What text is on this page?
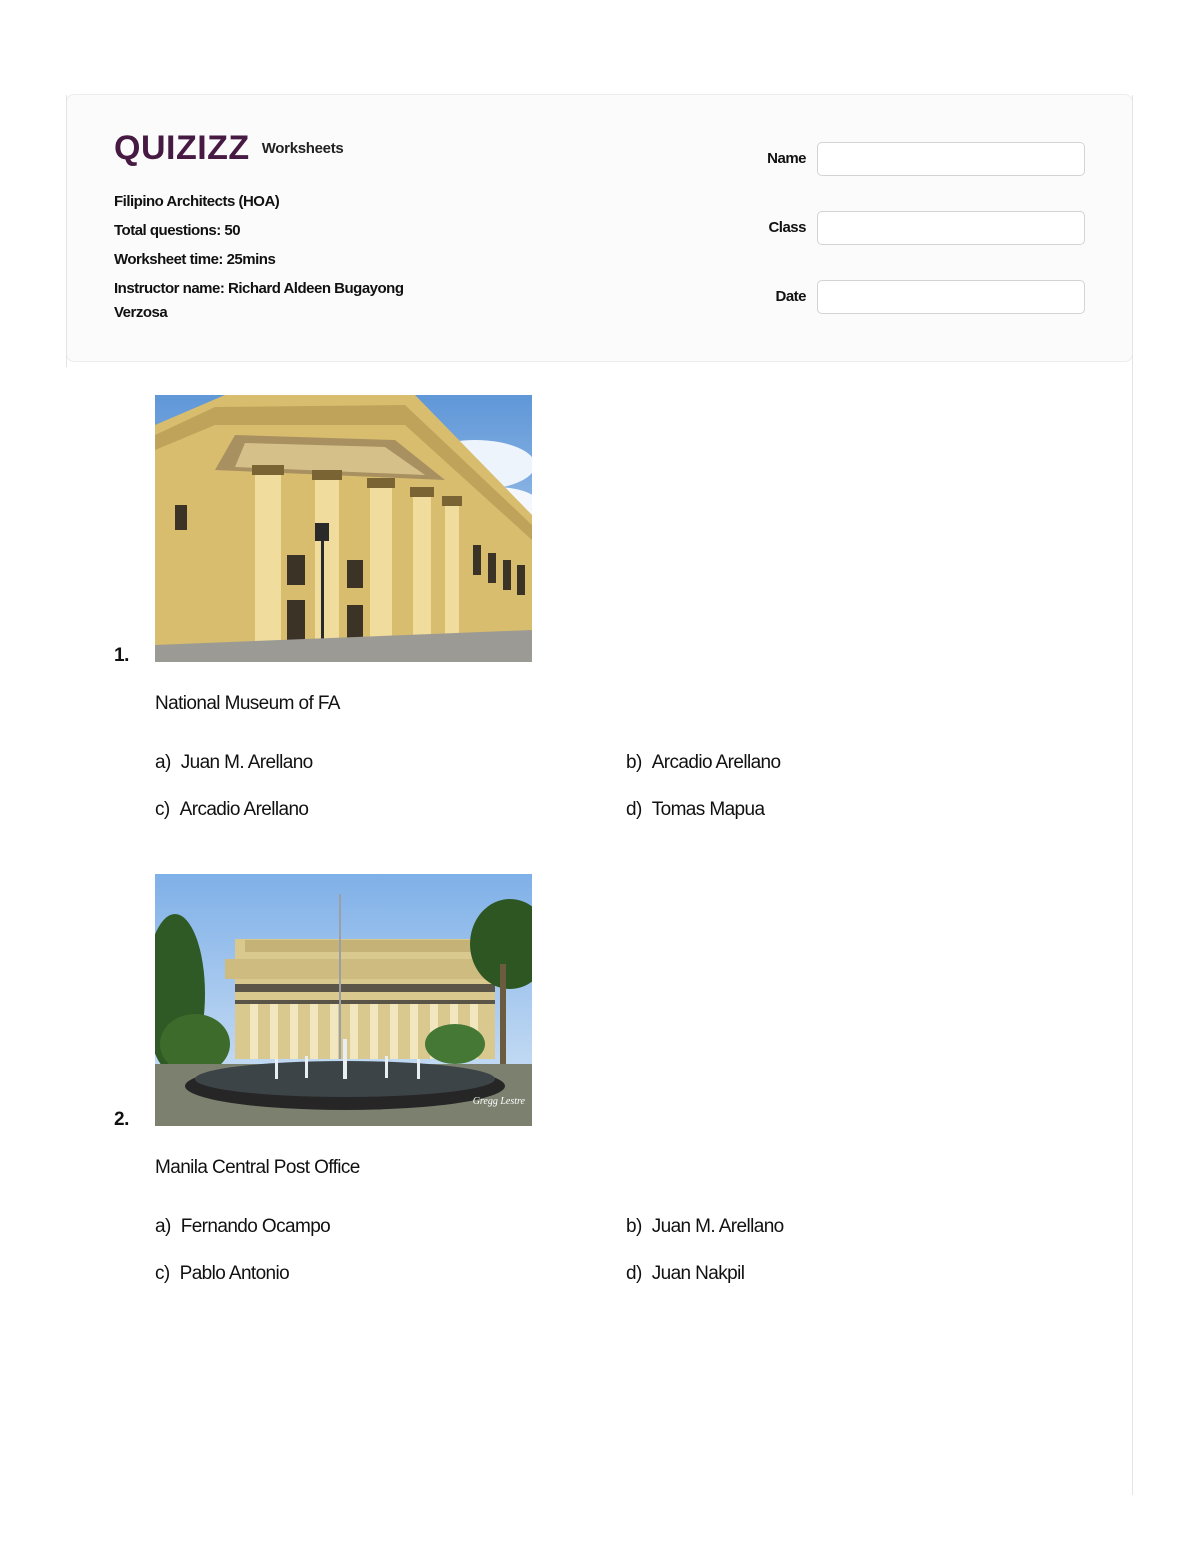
QUIZIZZ Worksheets
Filipino Architects (HOA)
Total questions: 50
Worksheet time: 25mins
Instructor name: Richard Aldeen Bugayong
Verzosa
Name
Class
Date
1.
National Museum of FA
a) Juan M. Arellano	b) Arcadio Arellano
c) Arcadio Arellano	d) Tomas Mapua
2.
Gregg Lestre
Manila Central Post Office
a) Fernando Ocampo	b) Juan M. Arellano
c) Pablo Antonio	d) Juan Nakpil
